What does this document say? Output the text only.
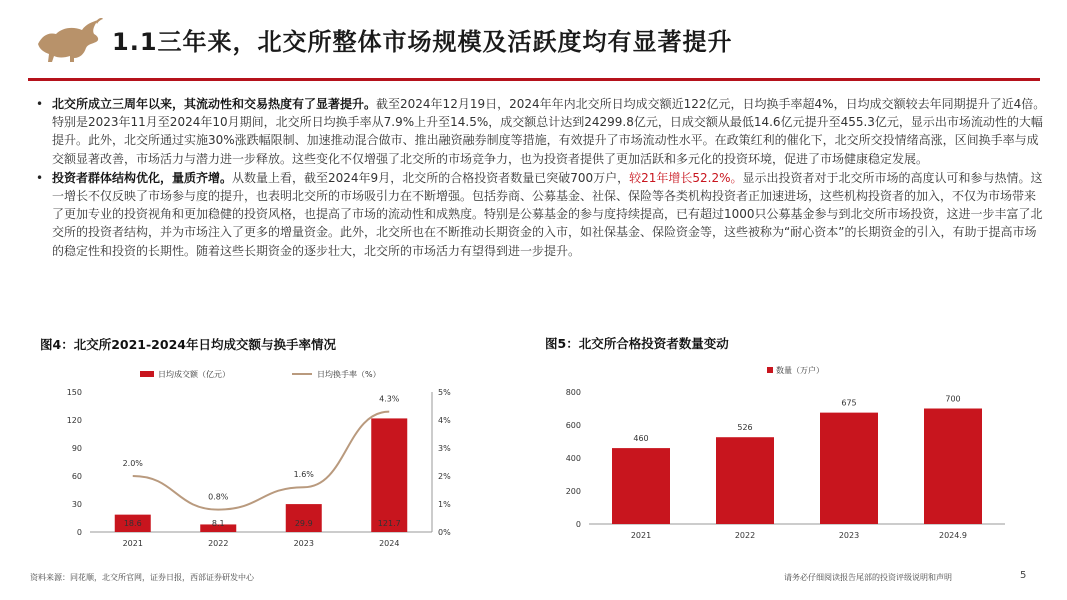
1.1三年来，北交所整体市场规模及活跃度均有显著提升
• 北交所成立三周年以来，其流动性和交易热度有了显著提升。截至2024年12月19日，2024年年内北交所日均成交额近122亿元，日均换手率超4%，日均成交额较去年同期提升了近4倍。特别是2023年11月至2024年10月期间，北交所日均换手率从7.9%上升至14.5%，成交额总计达到24299.8亿元，日成交额从最低14.6亿元提升至455.3亿元，显示出市场流动性的大幅提升。此外，北交所通过实施30%涨跌幅限制、加速推动混合做市、推出融资融券制度等措施，有效提升了市场流动性水平。在政策红利的催化下，北交所交投情绪高涨，区间换手率与成交额显著改善，市场活力与潜力进一步释放。这些变化不仅增强了北交所的市场竞争力，也为投资者提供了更加活跃和多元化的投资环境，促进了市场健康稳定发展。
• 投资者群体结构优化，量质齐增。从数量上看，截至2024年9月，北交所的合格投资者数量已突破700万户，较21年增长52.2%。显示出投资者对于北交所市场的高度认可和参与热情。这一增长不仅反映了市场参与度的提升，也表明北交所的市场吸引力在不断增强。包括券商、公募基金、社保、保险等各类机构投资者正加速进场，这些机构投资者的加入，不仅为市场带来了更加专业的投资视角和更加稳健的投资风格，也提高了市场的流动性和成熟度。特别是公募基金的参与度持续提高，已有超过1000只公募基金参与到北交所市场投资，这进一步丰富了北交所的投资者结构，并为市场注入了更多的增量资金。此外，北交所也在不断推动长期资金的入市，如社保基金、保险资金等，这些被称为“耐心资本”的长期资金的引入，有助于提高市场的稳定性和投资的长期性。随着这些长期资金的逐步壮大，北交所的市场活力有望得到进一步提升。
图4：北交所2021-2024年日均成交额与换手率情况	图5：北交所合格投资者数量变动
日均成交额（亿元）	日均换手率（%）
0
30
60
90
120
150
0%
1%
2%
3%
4%
5%
18.6
2021
8.1
2022
29.9
2023
121.7
2024
2.0%
0.8%
1.6%
4.3%
数量（万户）
0
200
400
600
800
460
2021
526
2022
675
2023
700
2024.9
资料来源：同花顺，北交所官网，证券日报，西部证券研发中心	请务必仔细阅读报告尾部的投资评级说明和声明	5
